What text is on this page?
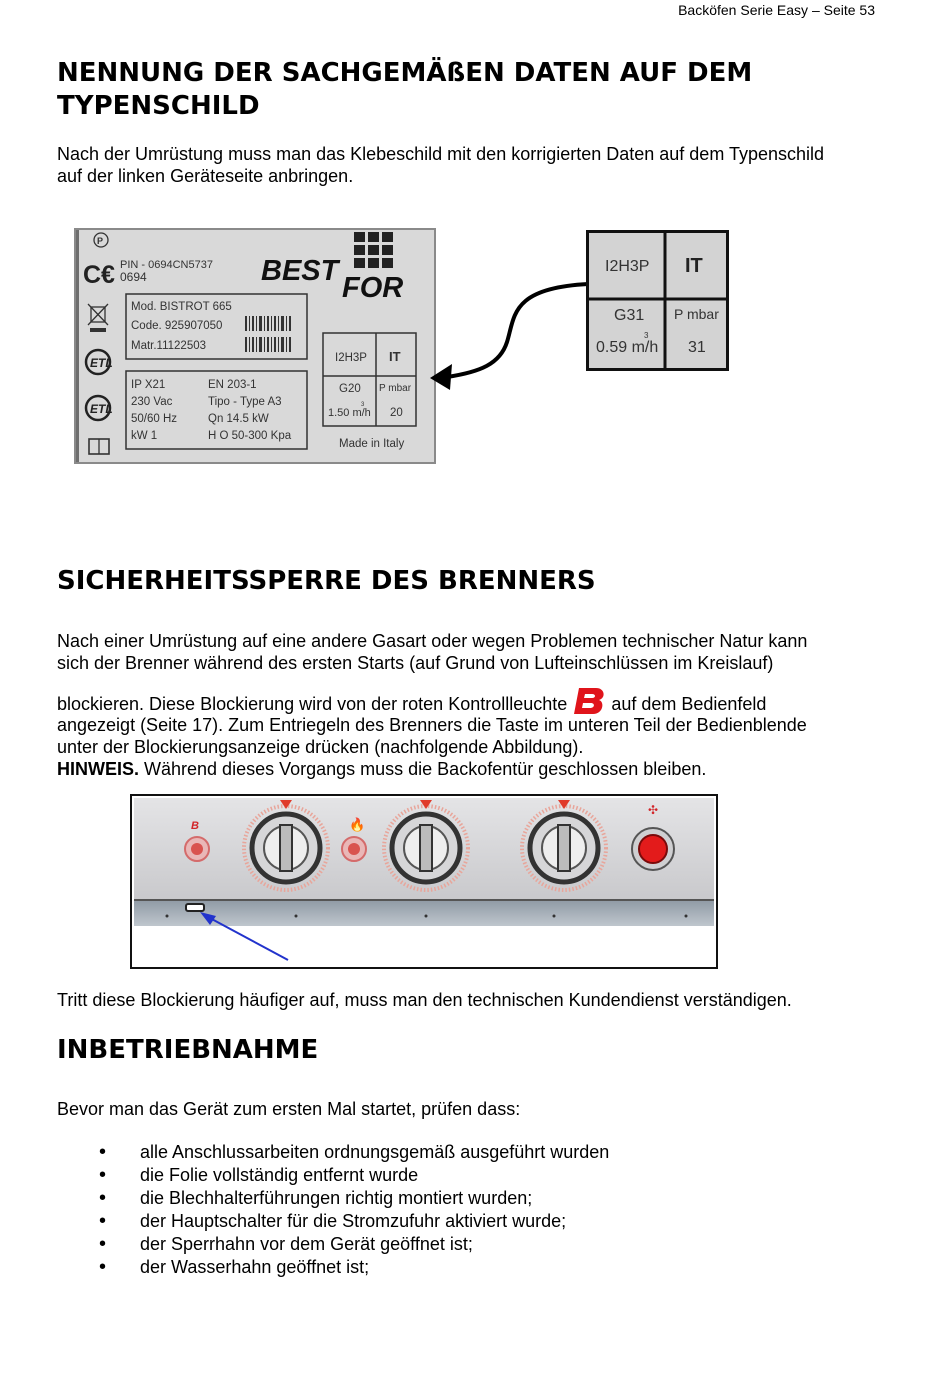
Backöfen Serie Easy – Seite 53
NENNUNG DER SACHGEMÄßEN DATEN AUF DEM
TYPENSCHILD
Nach der Umrüstung muss man das Klebeschild mit den korrigierten Daten auf dem Typenschild
auf der linken Geräteseite anbringen.
P
C€ PIN - 0694CN5737
0694	BEST
FOR
ETL
ETL
Mod. BISTROT 665
Code. 925907050
Matr.11122503
IP X21
230 Vac
50/60 Hz
kW 1
EN 203-1
Tipo - Type A3
Qn 14.5 kW
H O 50-300 Kpa
I2H3P IT
G20 P mbar
1.50 m/h
3
20
Made in Italy
I2H3P IT
G31 P mbar
0.59 m/h
3
31
SICHERHEITSSPERRE DES BRENNERS
Nach einer Umrüstung auf eine andere Gasart oder wegen Problemen technischer Natur kann
sich der Brenner während des ersten Starts (auf Grund von Lufteinschlüssen im Kreislauf)
blockieren. Diese Blockierung wird von der roten Kontrollleuchte auf dem Bedienfeld
angezeigt (Seite 17). Zum Entriegeln des Brenners die Taste im unteren Teil der Bedienblende
unter der Blockierungsanzeige drücken (nachfolgende Abbildung).
HINWEIS. Während dieses Vorgangs muss die Backofentür geschlossen bleiben.
B	🔥
✣
Tritt diese Blockierung häufiger auf, muss man den technischen Kundendienst verständigen.
INBETRIEBNAHME
Bevor man das Gerät zum ersten Mal startet, prüfen dass:
• alle Anschlussarbeiten ordnungsgemäß ausgeführt wurden
• die Folie vollständig entfernt wurde
• die Blechhalterführungen richtig montiert wurden;
• der Hauptschalter für die Stromzufuhr aktiviert wurde;
• der Sperrhahn vor dem Gerät geöffnet ist;
• der Wasserhahn geöffnet ist;
